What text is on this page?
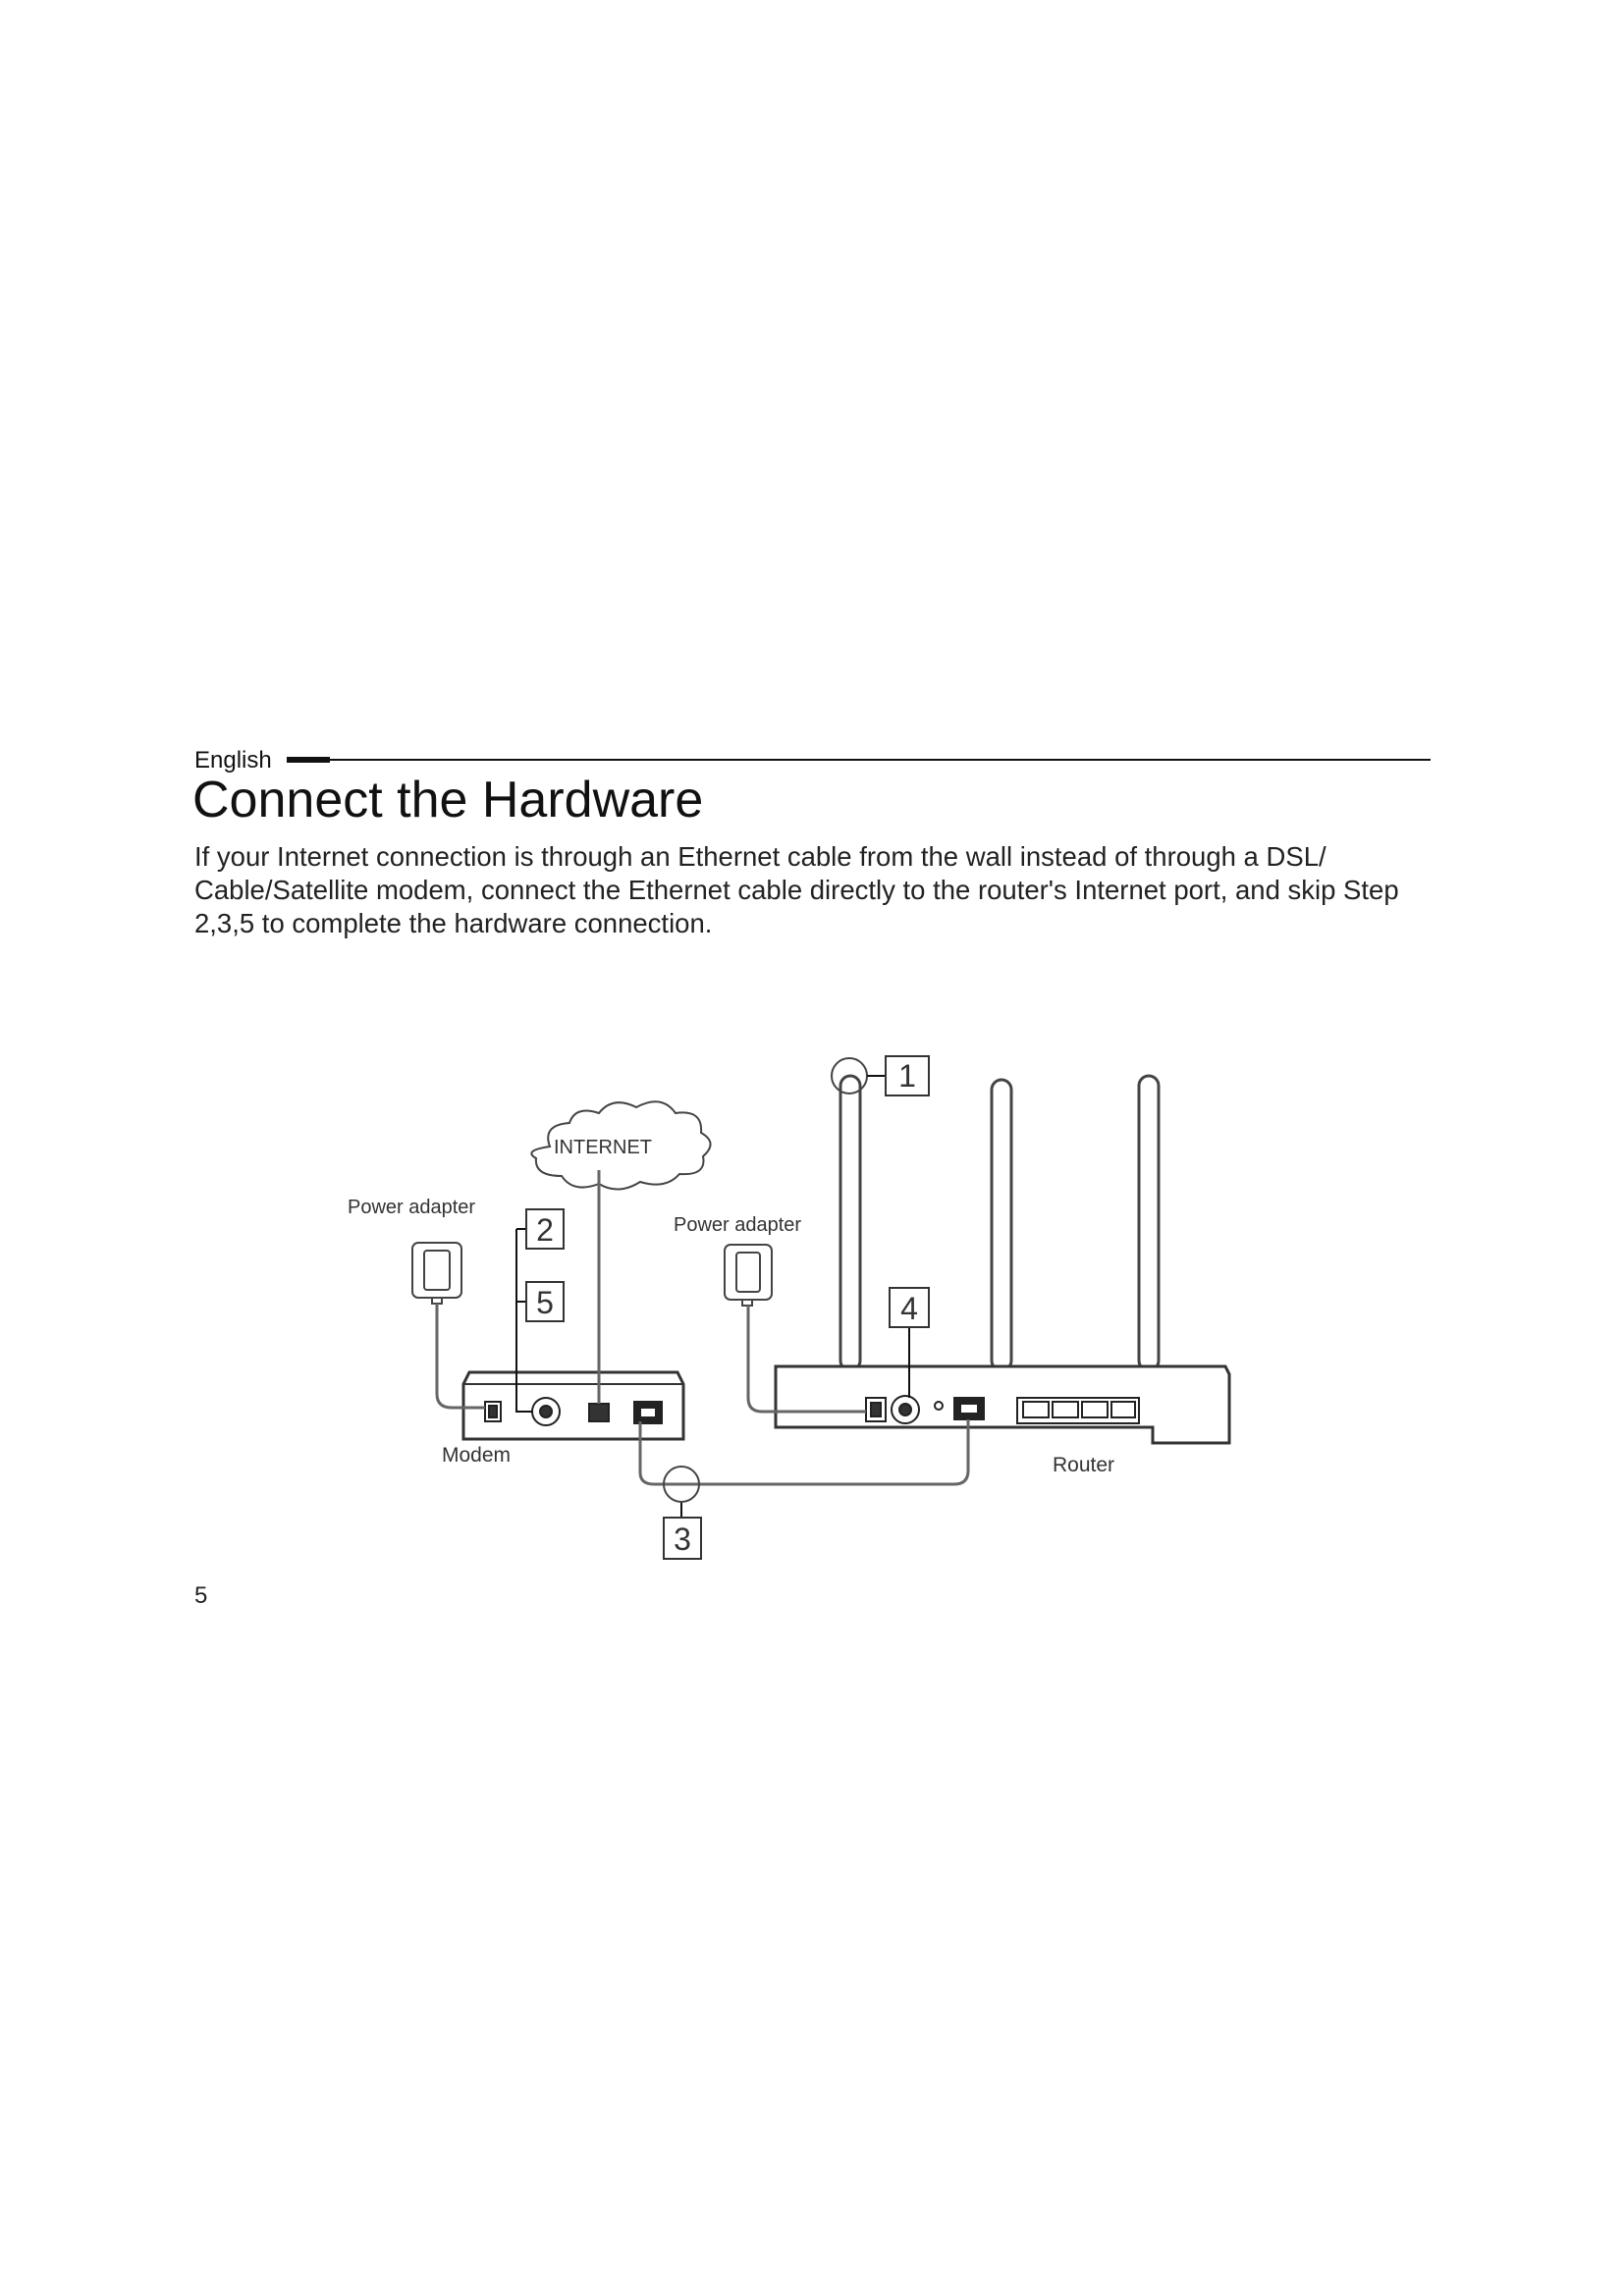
English
Connect the Hardware

If your Internet connection is through an Ethernet cable from the wall instead of through a DSL/ Cable/Satellite modem, connect the Ethernet cable directly to the router's Internet port, and skip Step 2,3,5 to complete the hardware connection.

INTERNET
Power adapter
Power adapter
Modem	Router
1
2
5	4
3
5
